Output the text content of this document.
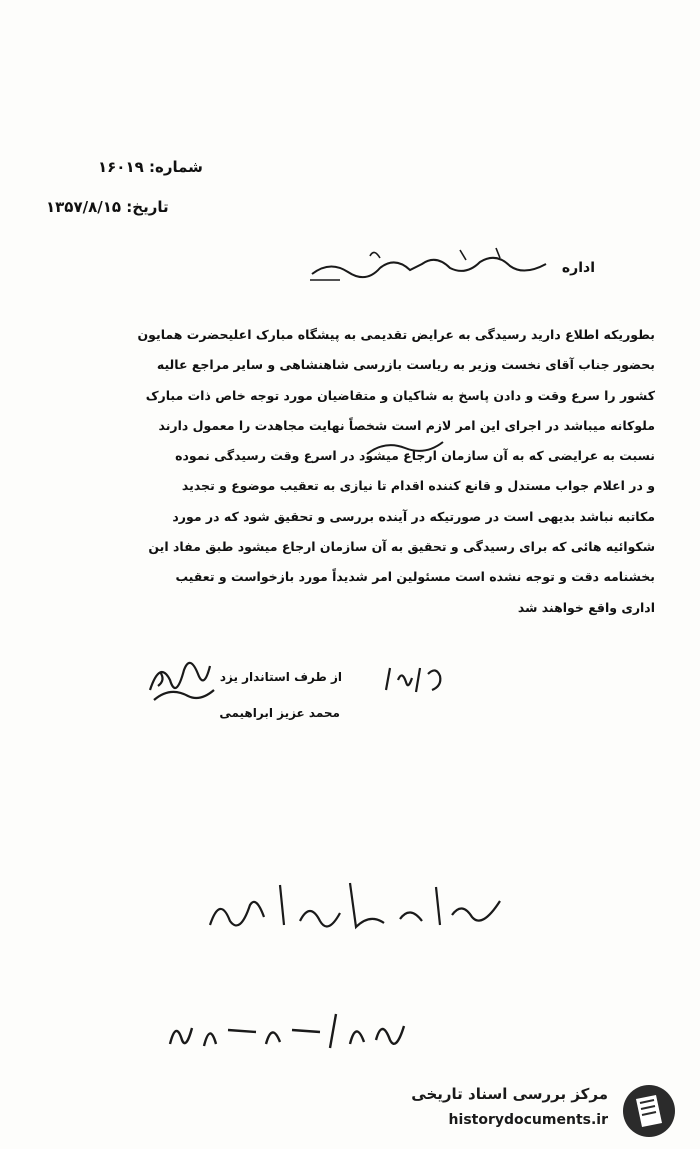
شماره: ۱۶۰۱۹
تاریخ: ۱۳۵۷/۸/۱۵
اداره

بطوریکه اطلاع دارید رسیدگی به عرایض تقدیمی به پیشگاه مبارک اعلیحضرت همایون

بحضور جناب آقای نخست وزیر به ریاست بازرسی شاهنشاهی و سایر مراجع عالیه

کشور را سرع وقت و دادن پاسخ به شاکیان و متقاضیان مورد توجه خاص ذات مبارک

ملوکانه میباشد در اجرای این امر لازم است شخصاً نهایت مجاهدت را معمول دارند

نسبت به عرایضی که به آن سازمان ارجاع میشود در اسرع وقت رسیدگی نموده

و در اعلام جواب مستدل و قانع کننده اقدام تا نیازی به تعقیب موضوع و تجدید

مکاتبه نباشد بدیهی است در صورتیکه در آینده بررسی و تحقیق شود که در مورد

شکوائیه هائی که برای رسیدگی و تحقیق به آن سازمان ارجاع میشود طبق مفاد این

بخشنامه دقت و توجه نشده است مسئولین امر شدیداً مورد بازخواست و تعقیب

اداری واقع خواهند شد

از طرف استاندار یزد
محمد عزیز ابراهیمی
مرکز بررسی اسناد تاریخی
historydocuments.ir
